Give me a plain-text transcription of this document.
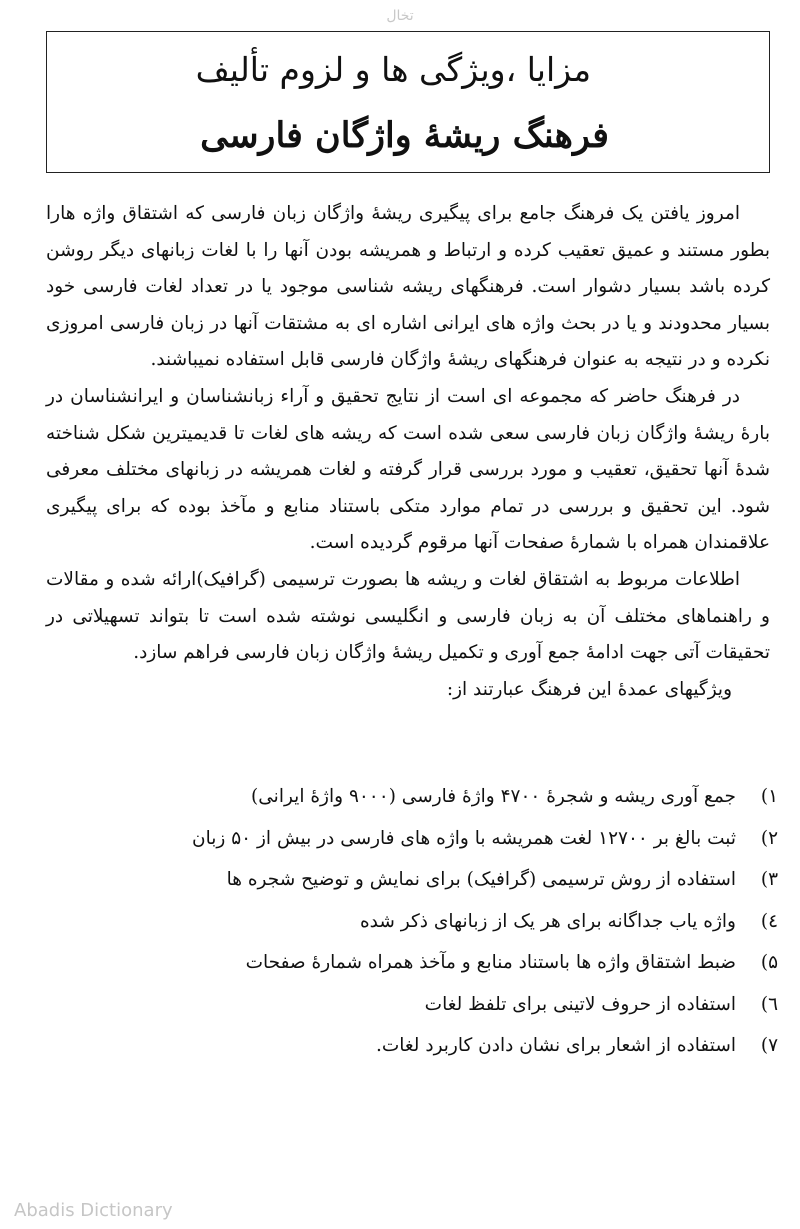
تخال
مزایا ،ویژگی ها و لزوم تألیف
فرهنگ ریشهٔ واژگان فارسی

امروز یافتن یک فرهنگ جامع برای پیگیری ریشهٔ واژگان زبان فارسی که اشتقاق واژه هارا بطور مستند و عمیق تعقیب کرده و ارتباط و همریشه بودن آنها را با لغات زبانهای دیگر روشن کرده باشد بسیار دشوار است. فرهنگهای ریشه شناسی موجود یا در تعداد لغات فارسی خود بسیار محدودند و یا در بحث واژه های ایرانی اشاره ای به مشتقات آنها در زبان فارسی امروزی نکرده و در نتیجه به عنوان فرهنگهای ریشهٔ واژگان فارسی قابل استفاده نمیباشند.

در فرهنگ حاضر که مجموعه ای است از نتایج تحقیق و آراء زبانشناسان و ایرانشناسان در بارهٔ ریشهٔ واژگان زبان فارسی سعی شده است که ریشه های لغات تا قدیمیترین شکل شناخته شدهٔ آنها تحقیق، تعقیب و مورد بررسی قرار گرفته و لغات همریشه در زبانهای مختلف معرفی شود. این تحقیق و بررسی در تمام موارد متکی باستناد منابع و مآخذ بوده که برای پیگیری علاقمندان همراه با شمارهٔ صفحات آنها مرقوم گردیده است.

اطلاعات مربوط به اشتقاق لغات و ریشه ها بصورت ترسیمی (گرافیک)ارائه شده و مقالات و راهنماهای مختلف آن به زبان فارسی و انگلیسی نوشته شده است تا بتواند تسهیلاتی در تحقیقات آتی جهت ادامهٔ جمع آوری و تکمیل ریشهٔ واژگان زبان فارسی فراهم سازد.

ویژگیهای عمدهٔ این فرهنگ عبارتند از:

۱)
جمع آوری ریشه و شجرهٔ ۴۷۰۰ واژهٔ فارسی (۹۰۰۰ واژهٔ ایرانی)
۲)
ثبت بالغ بر ۱۲۷۰۰ لغت همریشه با واژه های فارسی در بیش از ۵۰ زبان
۳)
استفاده از روش ترسیمی (گرافیک) برای نمایش و توضیح شجره ها
٤)
واژه یاب جداگانه برای هر یک از زبانهای ذکر شده
۵)
ضبط اشتقاق واژه ها باستناد منابع و مآخذ همراه شمارهٔ صفحات
٦)
استفاده از حروف لاتینی برای تلفظ لغات
۷)
استفاده از اشعار برای نشان دادن کاربرد لغات.
Abadis Dictionary
